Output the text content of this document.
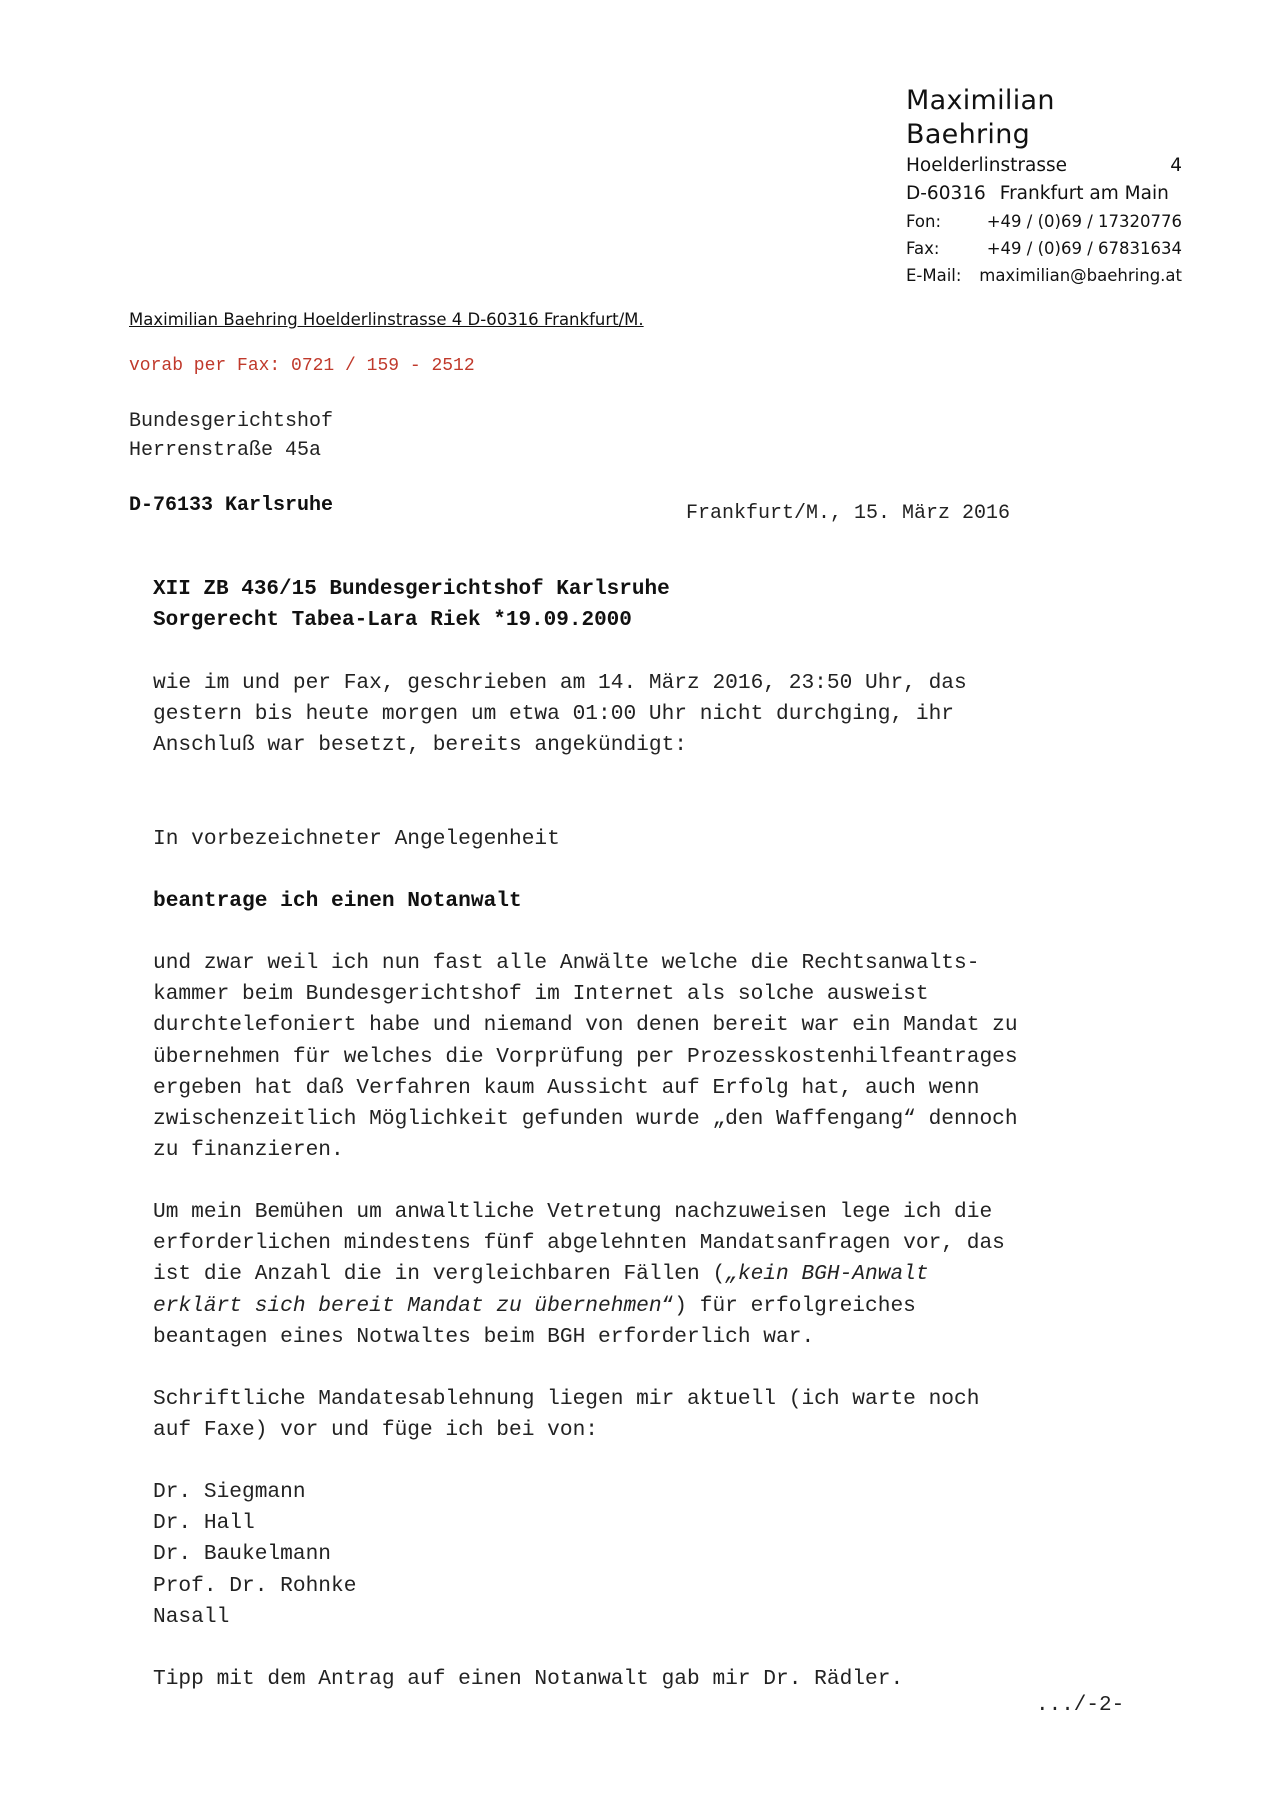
Maximilian Baehring
Hoelderlinstrasse	4
D-60316 Frankfurt am Main
Fon:	+49 / (0)69 / 17320776
Fax:	+49 / (0)69 / 67831634
E-Mail:	maximilian@baehring.at
Maximilian Baehring Hoelderlinstrasse 4 D-60316 Frankfurt/M.
vorab per Fax: 0721 / 159 - 2512
Bundesgerichtshof
Herrenstraße 45a
D-76133 Karlsruhe	Frankfurt/M., 15. März 2016
XII ZB 436/15 Bundesgerichtshof Karlsruhe
Sorgerecht Tabea-Lara Riek *19.09.2000
wie im und per Fax, geschrieben am 14. März 2016, 23:50 Uhr, das
gestern bis heute morgen um etwa 01:00 Uhr nicht durchging, ihr
Anschluß war besetzt, bereits angekündigt:
In vorbezeichneter Angelegenheit
beantrage ich einen Notanwalt
und zwar weil ich nun fast alle Anwälte welche die Rechtsanwalts-
kammer beim Bundesgerichtshof im Internet als solche ausweist
durchtelefoniert habe und niemand von denen bereit war ein Mandat zu
übernehmen für welches die Vorprüfung per Prozesskostenhilfeantrages
ergeben hat daß Verfahren kaum Aussicht auf Erfolg hat, auch wenn
zwischenzeitlich Möglichkeit gefunden wurde „den Waffengang“ dennoch
zu finanzieren.
Um mein Bemühen um anwaltliche Vetretung nachzuweisen lege ich die
erforderlichen mindestens fünf abgelehnten Mandatsanfragen vor, das
ist die Anzahl die in vergleichbaren Fällen („kein BGH-Anwalt
erklärt sich bereit Mandat zu übernehmen“) für erfolgreiches
beantagen eines Notwaltes beim BGH erforderlich war.
Schriftliche Mandatesablehnung liegen mir aktuell (ich warte noch
auf Faxe) vor und füge ich bei von:
Dr. Siegmann
Dr. Hall
Dr. Baukelmann
Prof. Dr. Rohnke
Nasall
Tipp mit dem Antrag auf einen Notanwalt gab mir Dr. Rädler.
.../-2-
